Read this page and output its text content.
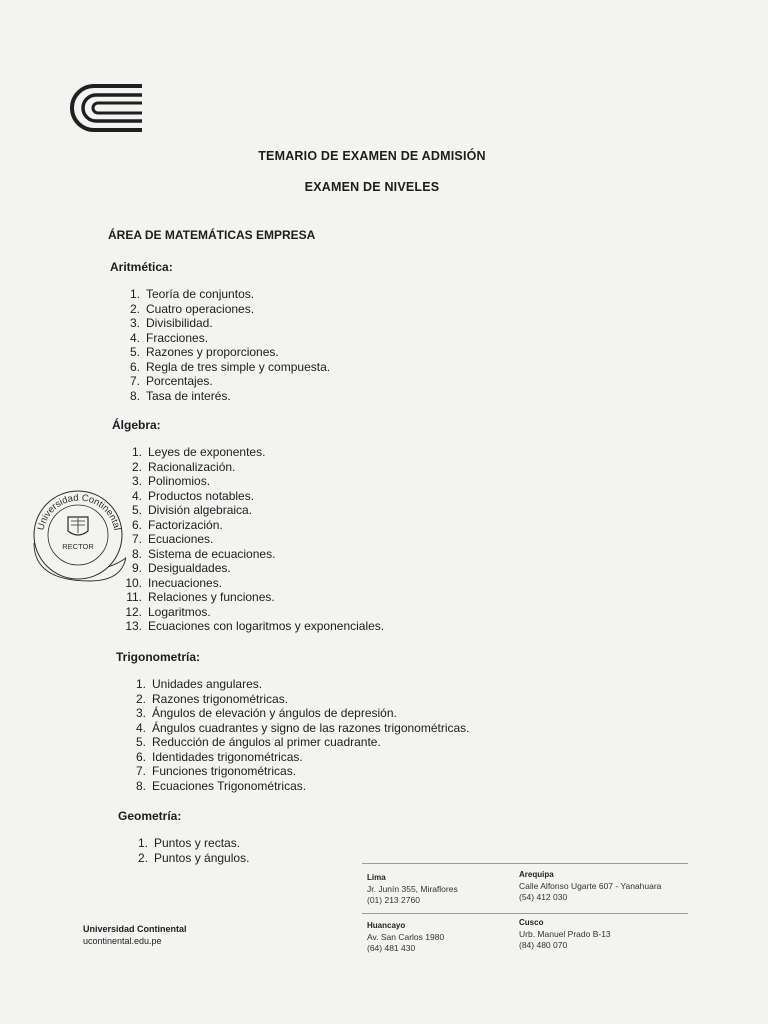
TEMARIO DE EXAMEN DE ADMISIÓN
EXAMEN DE NIVELES
ÁREA DE MATEMÁTICAS EMPRESA
Aritmética:
1. Teoría de conjuntos.
2. Cuatro operaciones.
3. Divisibilidad.
4. Fracciones.
5. Razones y proporciones.
6. Regla de tres simple y compuesta.
7. Porcentajes.
8. Tasa de interés.
Álgebra:
1. Leyes de exponentes.
2. Racionalización.
3. Polinomios.
4. Productos notables.
5. División algebraica.
6. Factorización.
7. Ecuaciones.
8. Sistema de ecuaciones.
9. Desigualdades.
10. Inecuaciones.
11. Relaciones y funciones.
12. Logaritmos.
13. Ecuaciones con logaritmos y exponenciales.
Trigonometría:
1. Unidades angulares.
2. Razones trigonométricas.
3. Ángulos de elevación y ángulos de depresión.
4. Ángulos cuadrantes y signo de las razones trigonométricas.
5. Reducción de ángulos al primer cuadrante.
6. Identidades trigonométricas.
7. Funciones trigonométricas.
8. Ecuaciones Trigonométricas.
Geometría:
1. Puntos y rectas.
2. Puntos y ángulos.
Universidad Continental
RECTOR
Universidad Continental
ucontinental.edu.pe
Lima
Jr. Junín 355, Miraflores
(01) 213 2760
Arequipa
Calle Alfonso Ugarte 607 - Yanahuara
(54) 412 030
Huancayo
Av. San Carlos 1980
(64) 481 430
Cusco
Urb. Manuel Prado B-13
(84) 480 070
